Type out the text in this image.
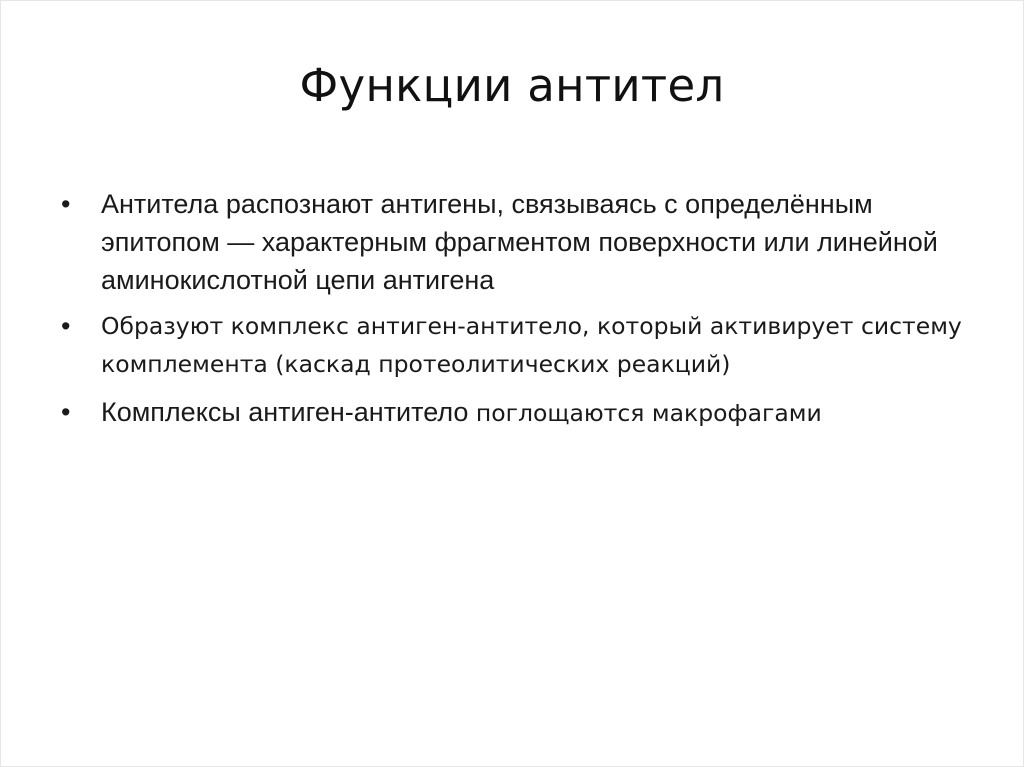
Функции антител
• Антитела распознают антигены, связываясь с определённым эпитопом — характерным фрагментом поверхности или линейной аминокислотной цепи антигена
• Образуют комплекс антиген-антитело, который активирует систему комплемента (каскад протеолитических реакций)
• Комплексы антиген-антитело поглощаются макрофагами
